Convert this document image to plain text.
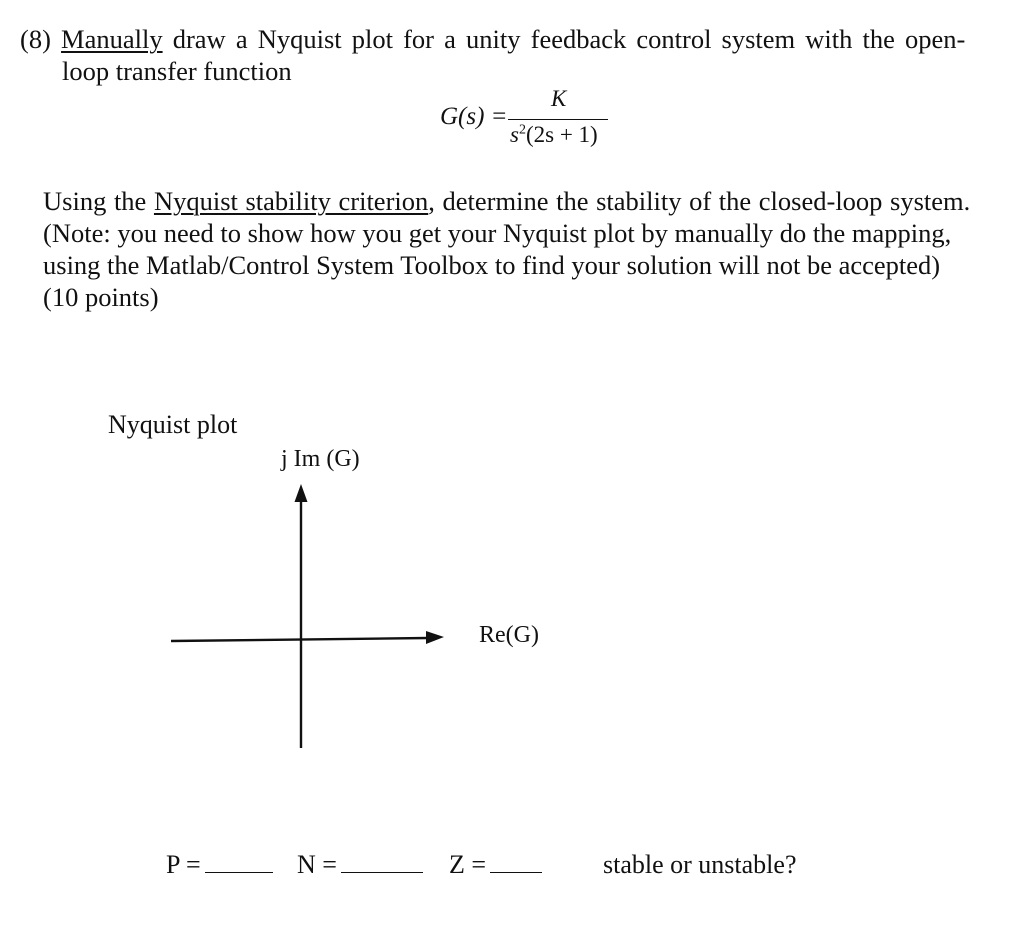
(8) Manually draw a Nyquist plot for a unity feedback control system with the open-
loop transfer function
G(s) =
K
$s^2(2s + 1)$
Using the Nyquist stability criterion, determine the stability of the closed-loop system.
(Note: you need to show how you get your Nyquist plot by manually do the mapping,
using the Matlab/Control System Toolbox to find your solution will not be accepted)
(10 points)
Nyquist plot
j Im (G)
Re(G)
P =	N =	Z =	stable or unstable?
